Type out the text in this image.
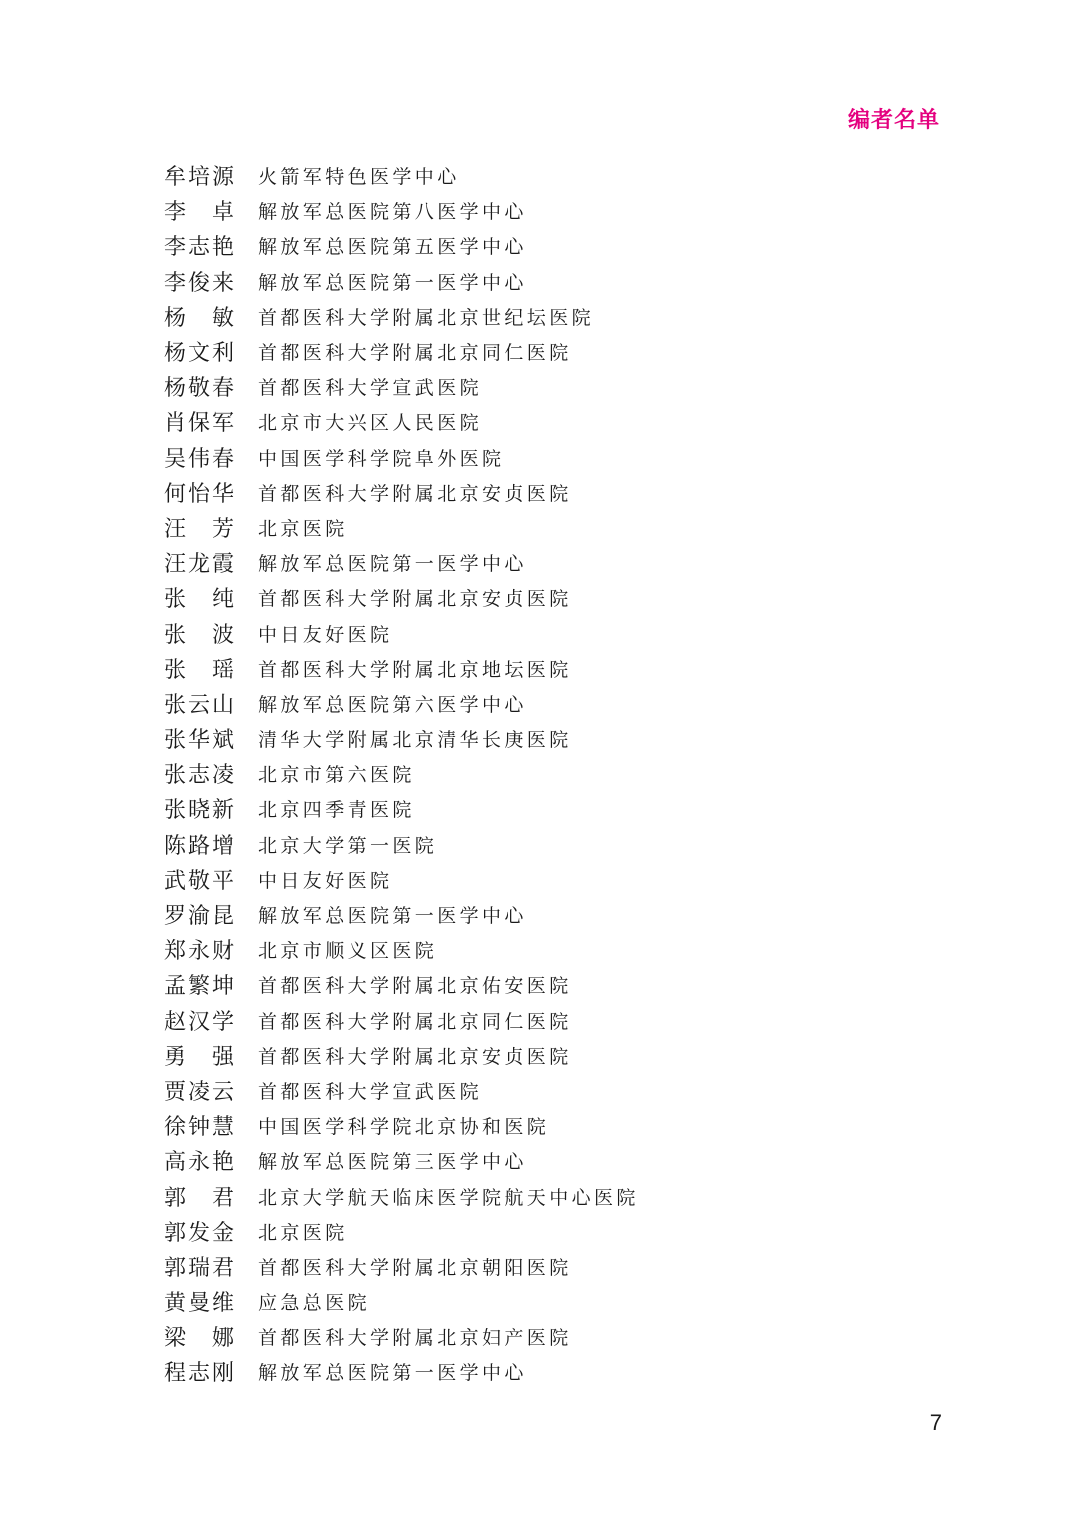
编者名单
牟培源 火箭军特色医学中心
李卓 解放军总医院第八医学中心
李志艳 解放军总医院第五医学中心
李俊来 解放军总医院第一医学中心
杨敏 首都医科大学附属北京世纪坛医院
杨文利 首都医科大学附属北京同仁医院
杨敬春 首都医科大学宣武医院
肖保军 北京市大兴区人民医院
吴伟春 中国医学科学院阜外医院
何怡华 首都医科大学附属北京安贞医院
汪芳 北京医院
汪龙霞 解放军总医院第一医学中心
张纯 首都医科大学附属北京安贞医院
张波 中日友好医院
张瑶 首都医科大学附属北京地坛医院
张云山 解放军总医院第六医学中心
张华斌 清华大学附属北京清华长庚医院
张志凌 北京市第六医院
张晓新 北京四季青医院
陈路增 北京大学第一医院
武敬平 中日友好医院
罗渝昆 解放军总医院第一医学中心
郑永财 北京市顺义区医院
孟繁坤 首都医科大学附属北京佑安医院
赵汉学 首都医科大学附属北京同仁医院
勇强 首都医科大学附属北京安贞医院
贾凌云 首都医科大学宣武医院
徐钟慧 中国医学科学院北京协和医院
高永艳 解放军总医院第三医学中心
郭君 北京大学航天临床医学院航天中心医院
郭发金 北京医院
郭瑞君 首都医科大学附属北京朝阳医院
黄曼维 应急总医院
梁娜 首都医科大学附属北京妇产医院
程志刚 解放军总医院第一医学中心
7
